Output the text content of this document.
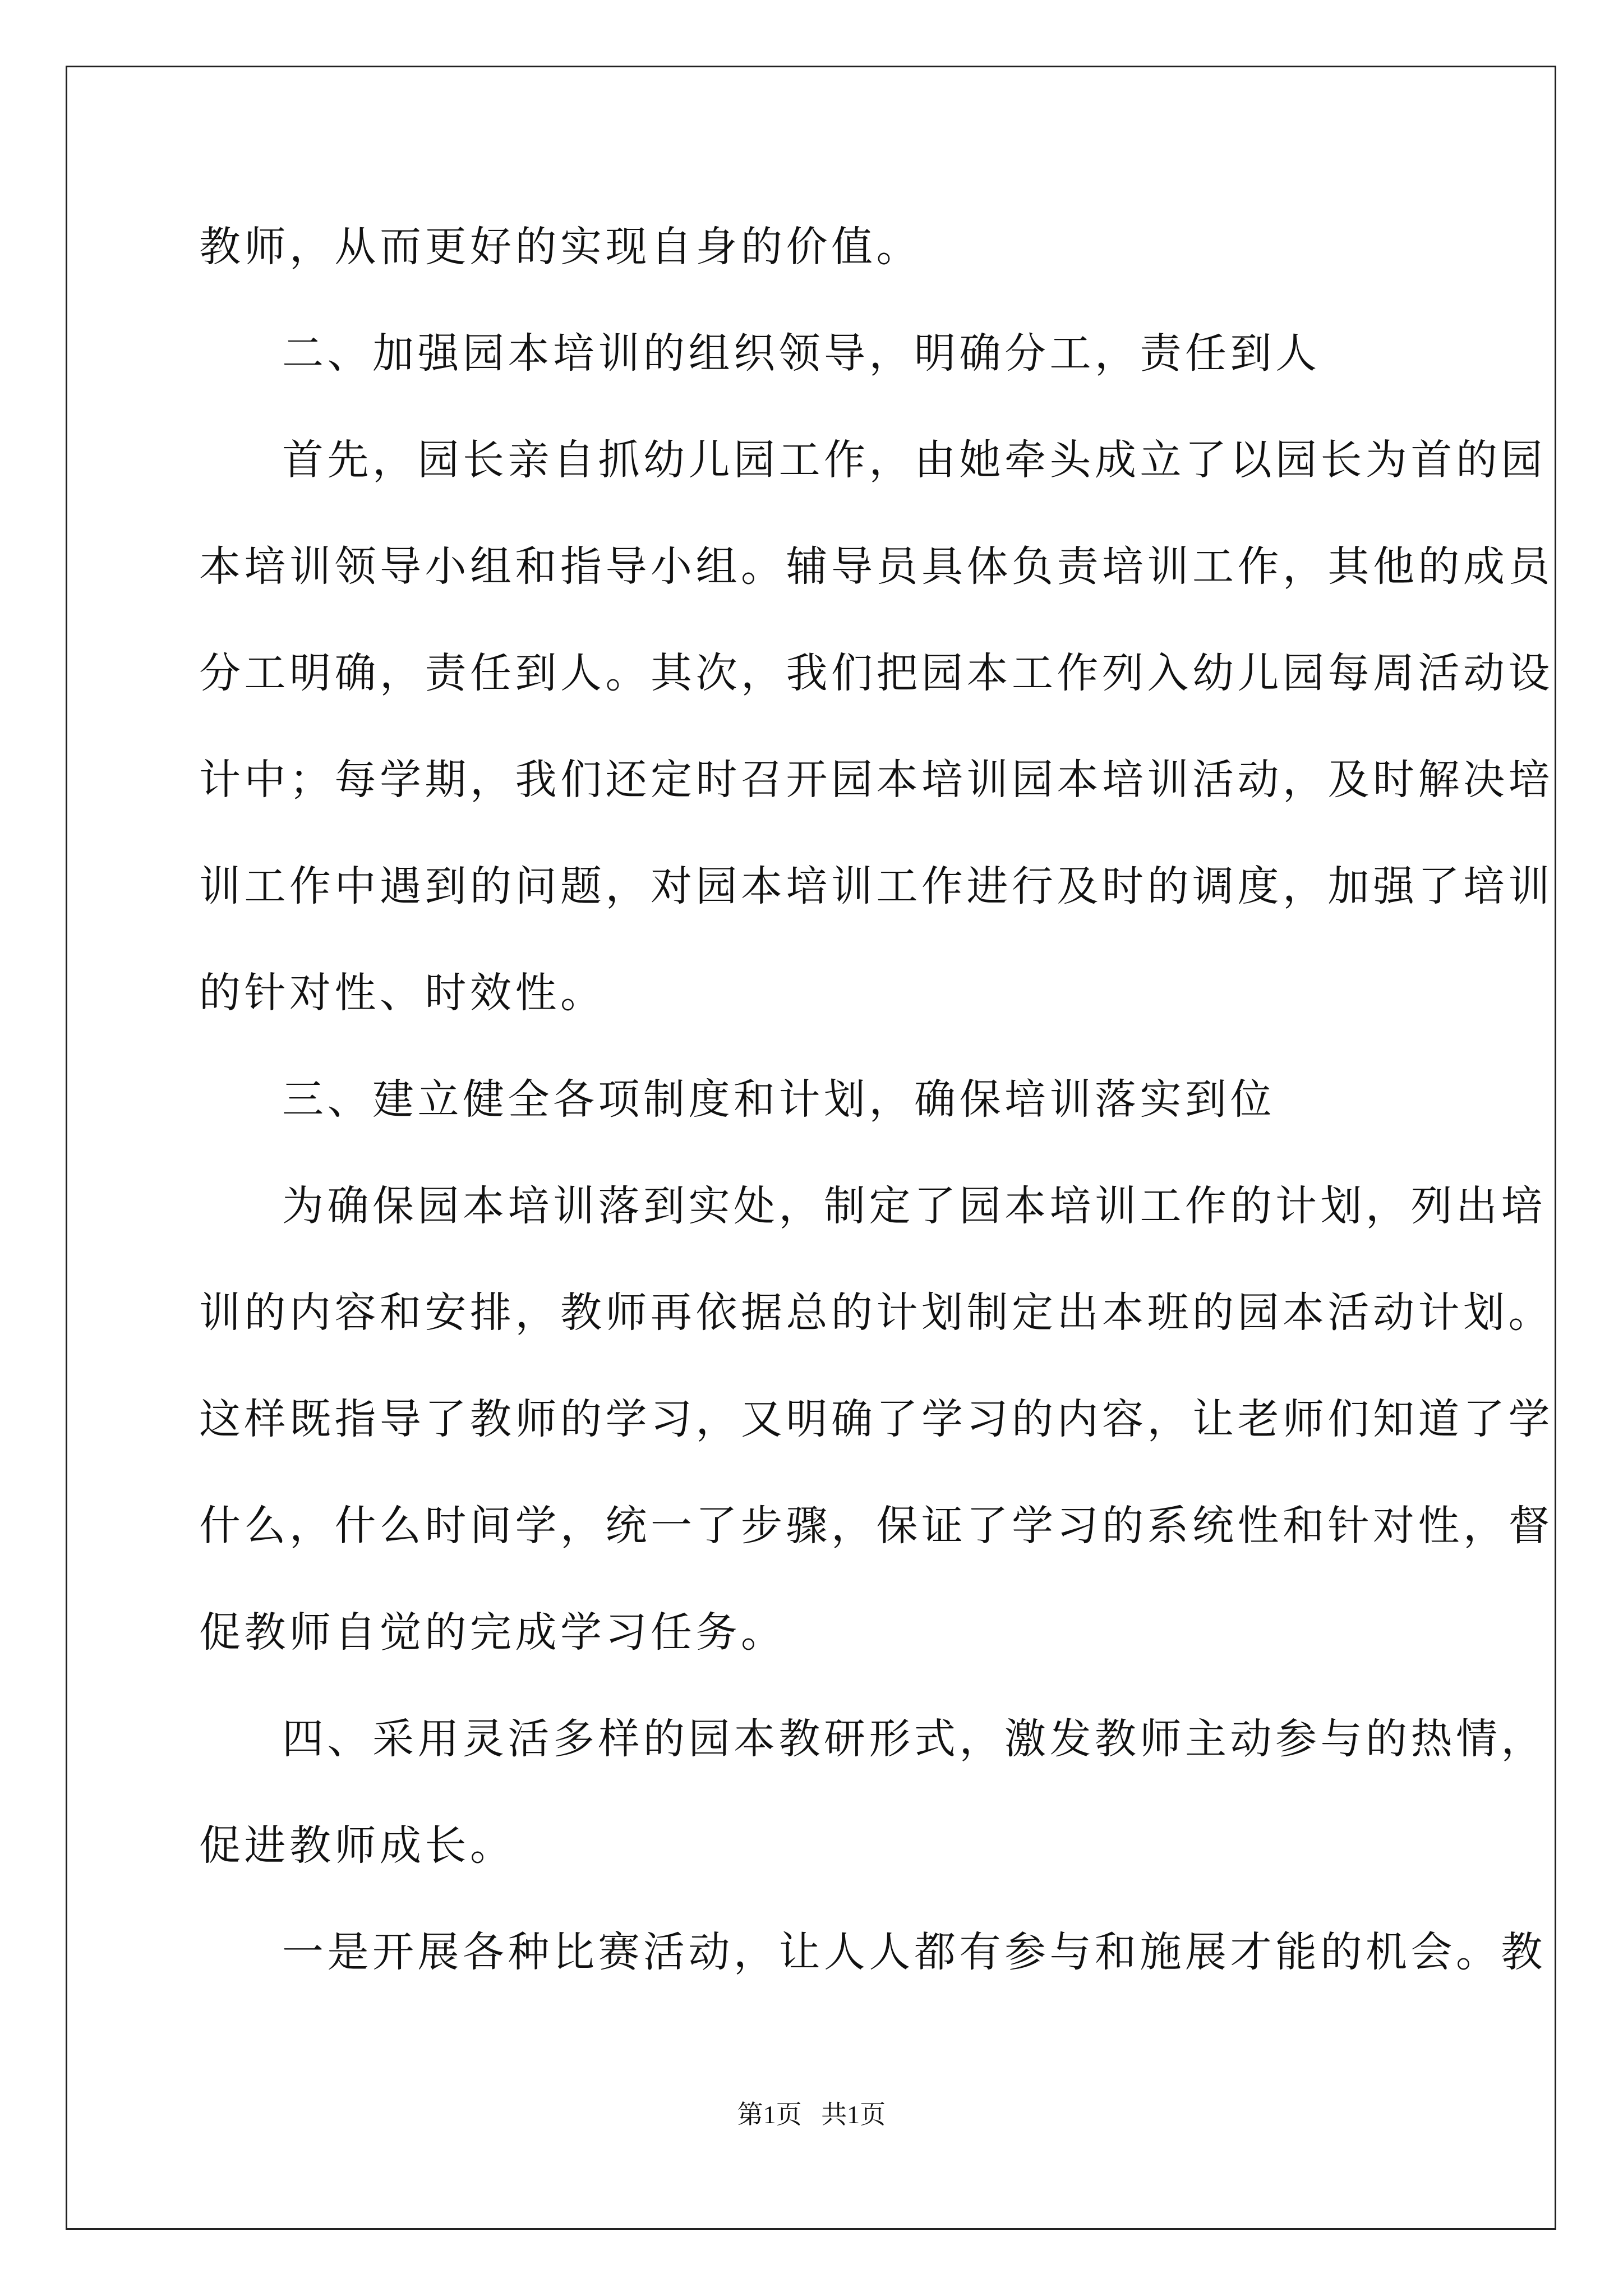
教师，从而更好的实现自身的价值。
二、加强园本培训的组织领导，明确分工，责任到人
首先，园长亲自抓幼儿园工作，由她牵头成立了以园长为首的园
本培训领导小组和指导小组。辅导员具体负责培训工作，其他的成员
分工明确，责任到人。其次，我们把园本工作列入幼儿园每周活动设
计中；每学期，我们还定时召开园本培训园本培训活动，及时解决培
训工作中遇到的问题，对园本培训工作进行及时的调度，加强了培训
的针对性、时效性。
三、建立健全各项制度和计划，确保培训落实到位
为确保园本培训落到实处，制定了园本培训工作的计划，列出培
训的内容和安排，教师再依据总的计划制定出本班的园本活动计划。
这样既指导了教师的学习，又明确了学习的内容，让老师们知道了学
什么，什么时间学，统一了步骤，保证了学习的系统性和针对性，督
促教师自觉的完成学习任务。
四、采用灵活多样的园本教研形式，激发教师主动参与的热情，
促进教师成长。
一是开展各种比赛活动，让人人都有参与和施展才能的机会。教
第1页   共1页
